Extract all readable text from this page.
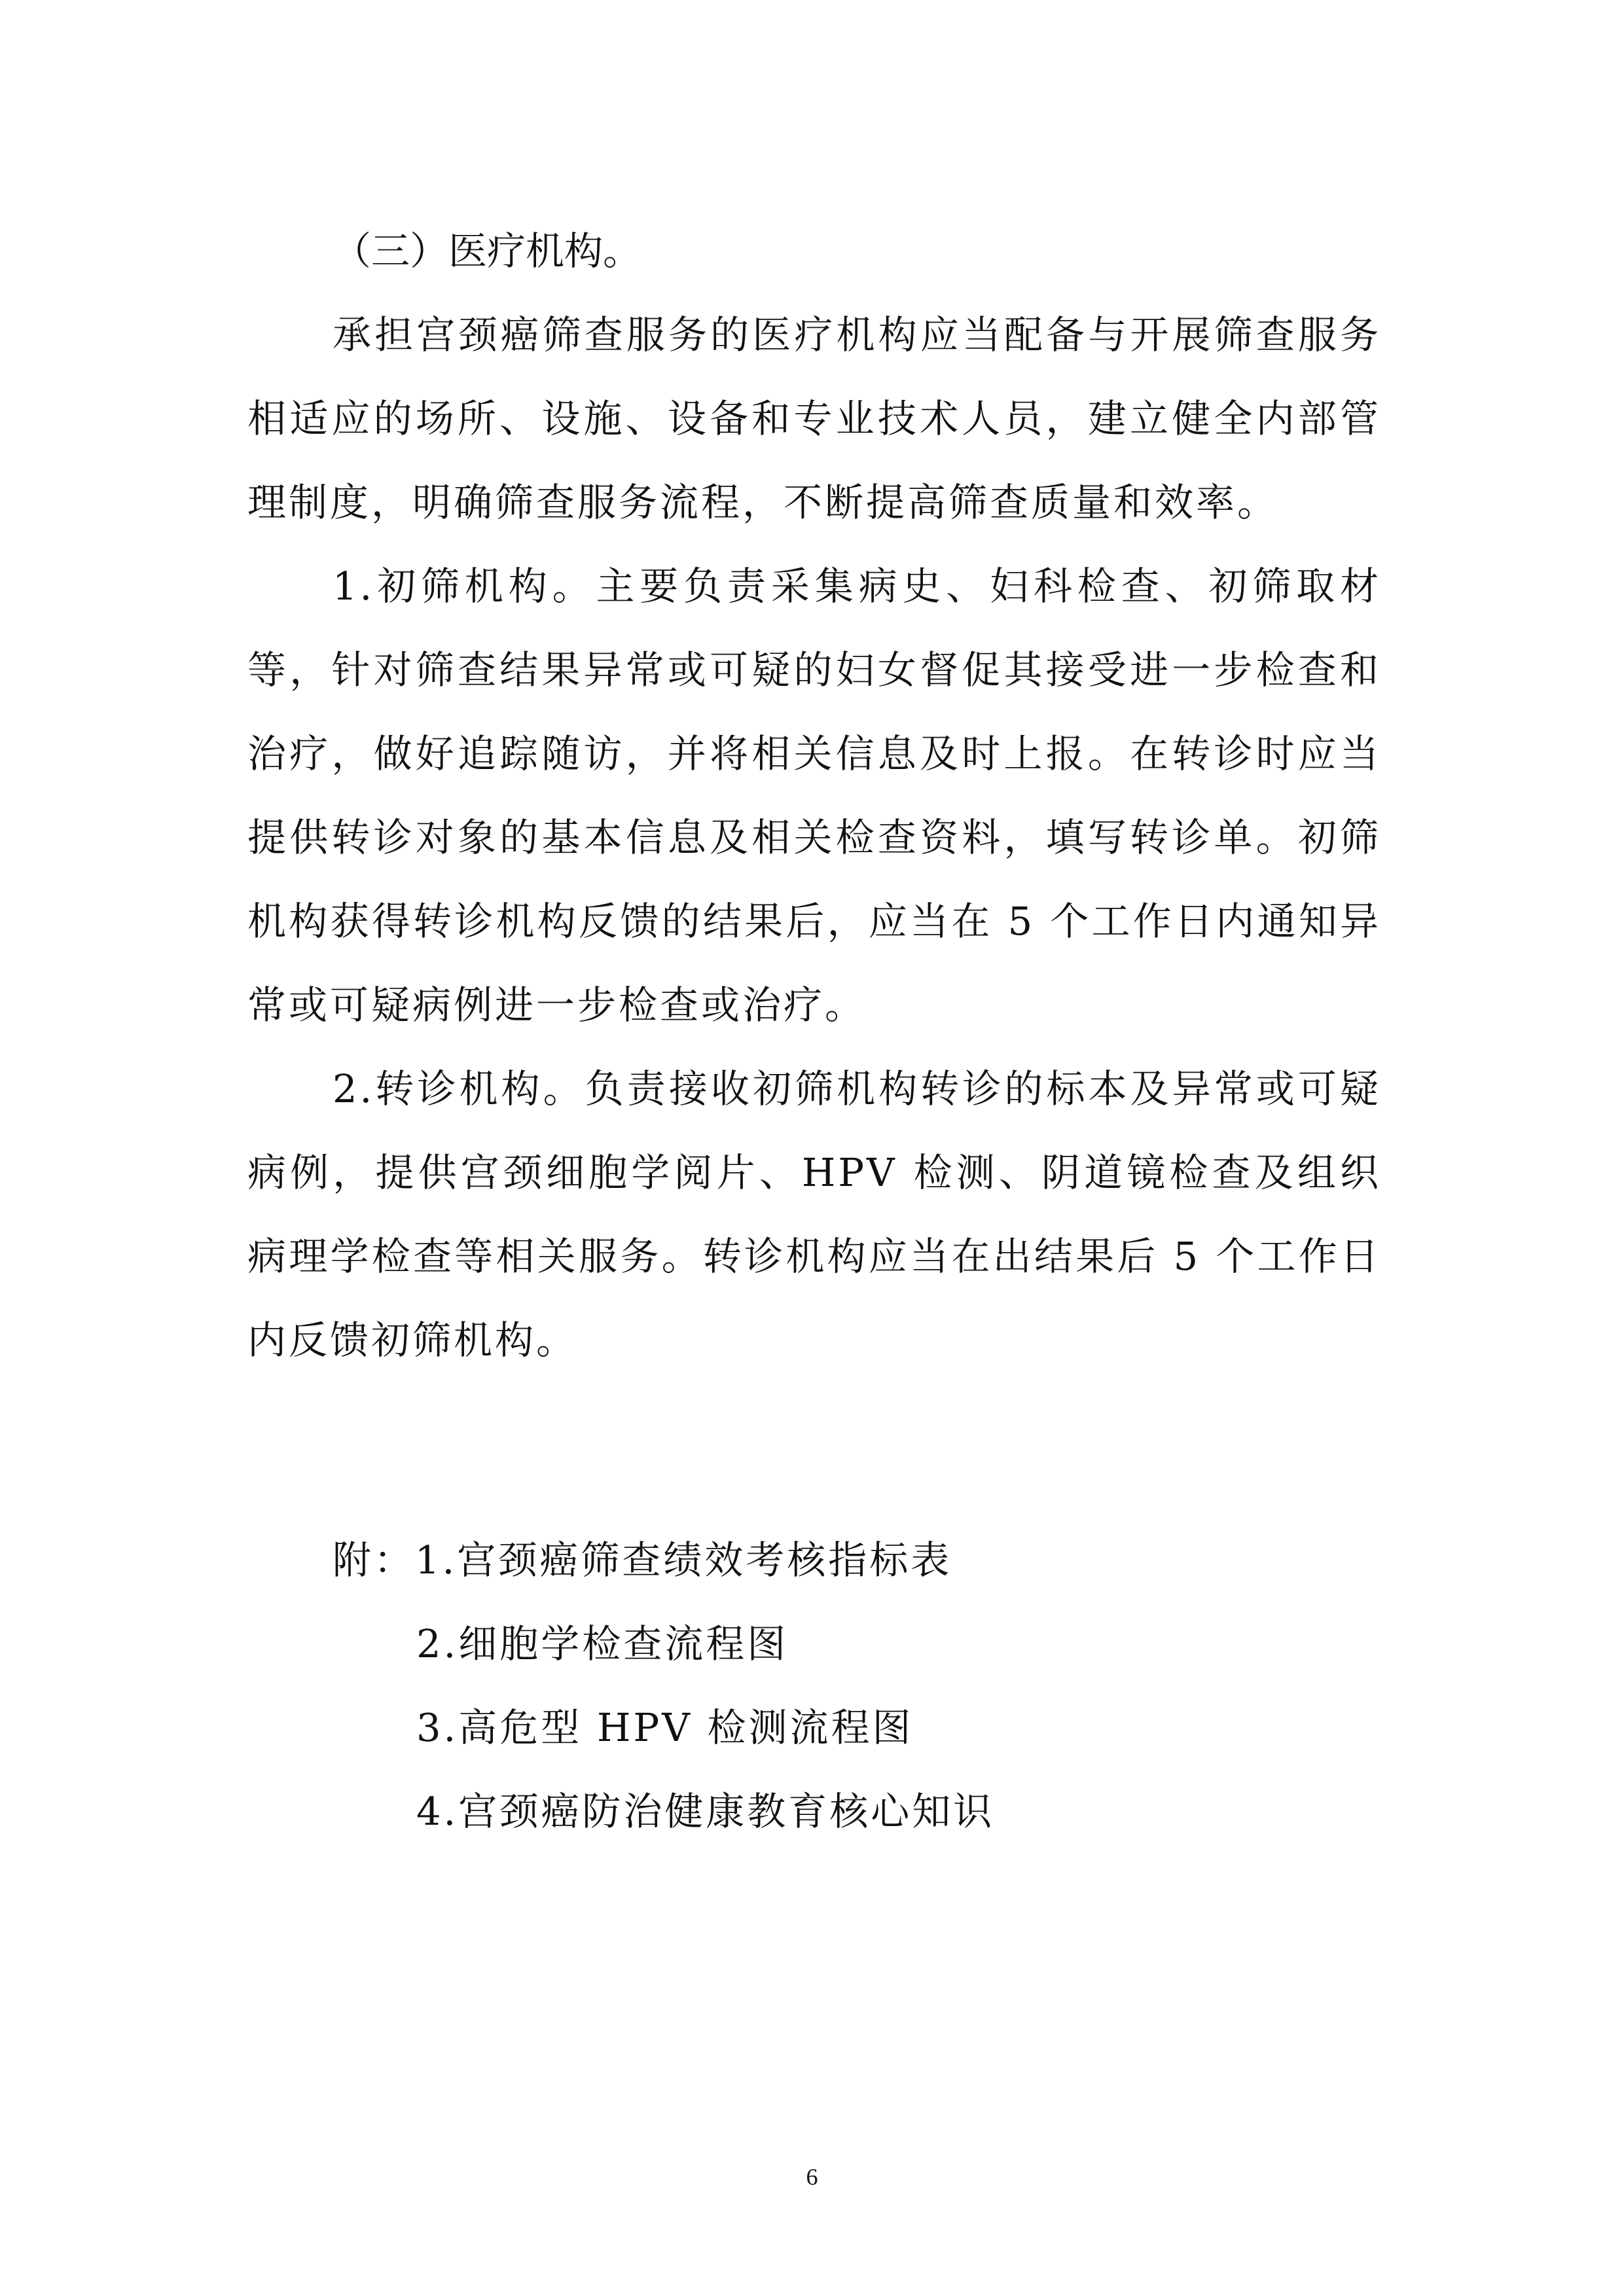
（三）医疗机构。

承担宫颈癌筛查服务的医疗机构应当配备与开展筛查服务相适应的场所、设施、设备和专业技术人员，建立健全内部管理制度，明确筛查服务流程，不断提高筛查质量和效率。

1.初筛机构。主要负责采集病史、妇科检查、初筛取材等，针对筛查结果异常或可疑的妇女督促其接受进一步检查和治疗，做好追踪随访，并将相关信息及时上报。在转诊时应当提供转诊对象的基本信息及相关检查资料，填写转诊单。初筛机构获得转诊机构反馈的结果后，应当在 5 个工作日内通知异常或可疑病例进一步检查或治疗。

2.转诊机构。负责接收初筛机构转诊的标本及异常或可疑病例，提供宫颈细胞学阅片、HPV 检测、阴道镜检查及组织病理学检查等相关服务。转诊机构应当在出结果后 5 个工作日内反馈初筛机构。

附：1.宫颈癌筛查绩效考核指标表
2.细胞学检查流程图
3.高危型 HPV 检测流程图
4.宫颈癌防治健康教育核心知识
6
